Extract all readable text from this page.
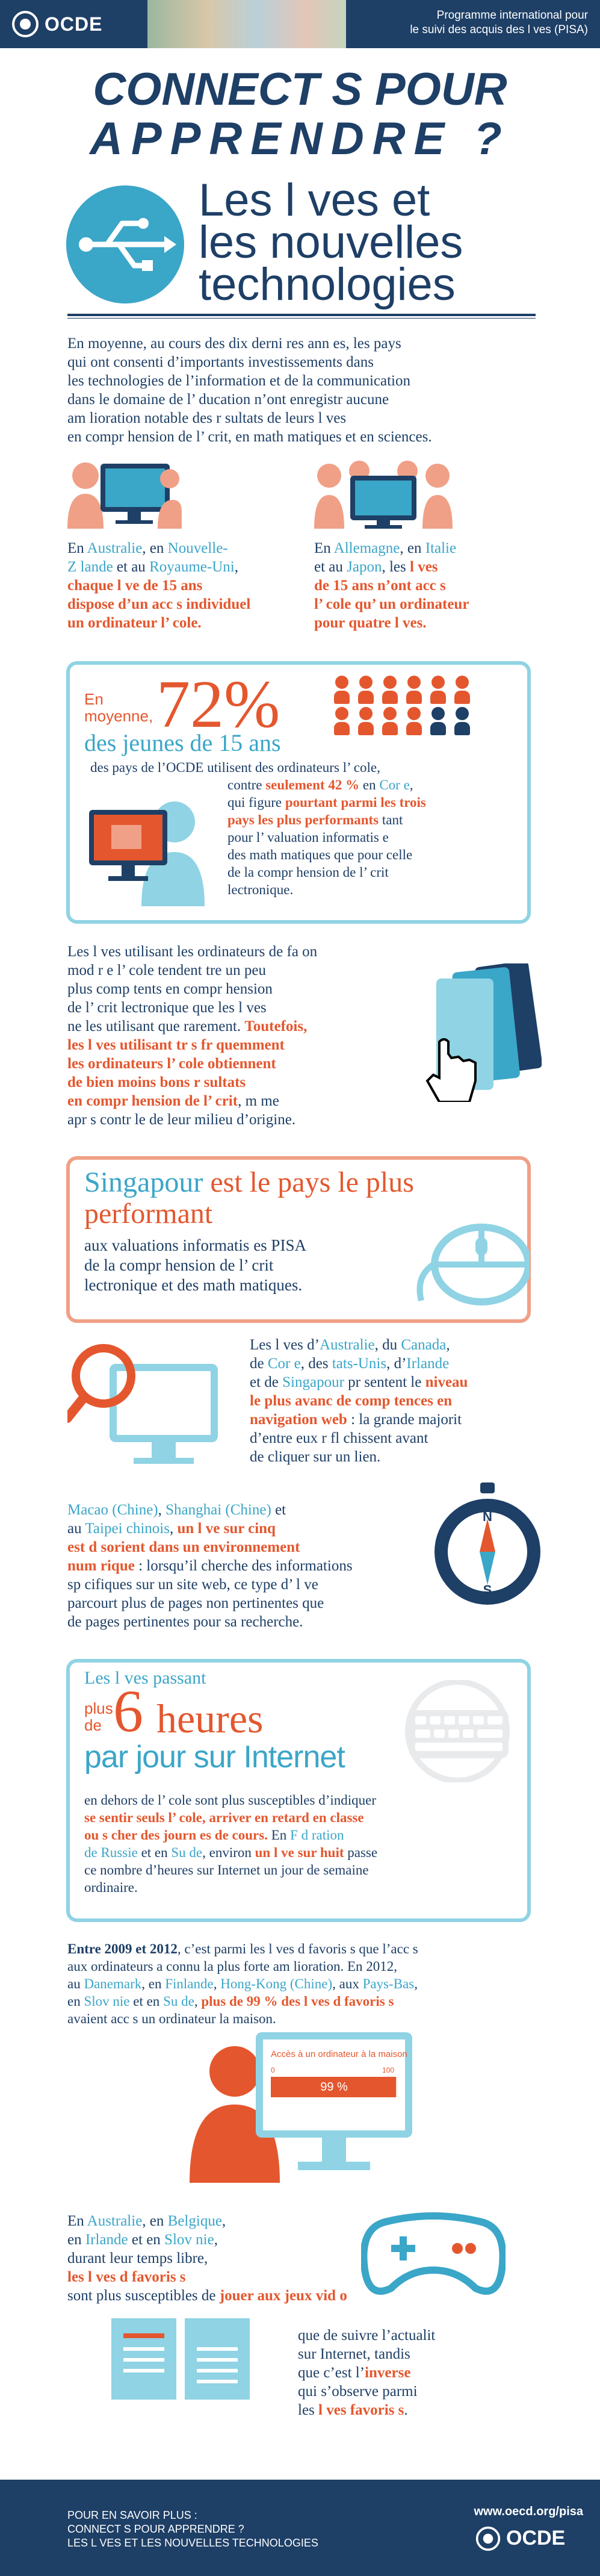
OCDE	Programme international pour
le suivi des acquis des l ves (PISA)
CONNECT S POUR
APPRENDRE ?
Les l ves et
les nouvelles
technologies
En moyenne, au cours des dix derni res ann es, les pays
qui ont consenti d’importants investissements dans
les technologies de l’information et de la communication
dans le domaine de l’ ducation n’ont enregistr aucune
am lioration notable des r sultats de leurs l ves
en compr hension de l’ crit, en math matiques et en sciences.
En Australie, en Nouvelle-
Z lande et au Royaume-Uni,
chaque l ve de 15 ans
dispose d’un acc s individuel
un ordinateur l’ cole.
En Allemagne, en Italie
et au Japon, les l ves
de 15 ans n’ont acc s
l’ cole qu’ un ordinateur
pour quatre l ves.
En
moyenne, 72%
des jeunes de 15 ans
des pays de l’OCDE utilisent des ordinateurs l’ cole,
contre seulement 42 % en Cor e,
qui figure pourtant parmi les trois
pays les plus performants tant
pour l’ valuation informatis e
des math matiques que pour celle
de la compr hension de l’ crit
lectronique.
Les l ves utilisant les ordinateurs de fa on
mod r e l’ cole tendent tre un peu
plus comp tents en compr hension
de l’ crit lectronique que les l ves
ne les utilisant que rarement. Toutefois,
les l ves utilisant tr s fr quemment
les ordinateurs l’ cole obtiennent
de bien moins bons r sultats
en compr hension de l’ crit, m me
apr s contr le de leur milieu d’origine.
Singapour est le pays le plus
performant
aux valuations informatis es PISA
de la compr hension de l’ crit
lectronique et des math matiques.
Les l ves d’Australie, du Canada,
de Cor e, des tats-Unis, d’Irlande
et de Singapour pr sentent le niveau
le plus avanc de comp tences en
navigation web : la grande majorit
d’entre eux r fl chissent avant
de cliquer sur un lien.
Macao (Chine), Shanghai (Chine) et
au Taipei chinois, un l ve sur cinq
est d sorient dans un environnement
num rique : lorsqu’il cherche des informations
sp cifiques sur un site web, ce type d’ l ve
parcourt plus de pages non pertinentes que
de pages pertinentes pour sa recherche.
N
S
Les l ves passant
plus
de 6 heures
par jour sur Internet
en dehors de l’ cole sont plus susceptibles d’indiquer
se sentir seuls l’ cole, arriver en retard en classe
ou s cher des journ es de cours. En F d ration
de Russie et en Su de, environ un l ve sur huit passe
ce nombre d’heures sur Internet un jour de semaine
ordinaire.
Entre 2009 et 2012, c’est parmi les l ves d favoris s que l’acc s
aux ordinateurs a connu la plus forte am lioration. En 2012,
au Danemark, en Finlande, Hong-Kong (Chine), aux Pays-Bas,
en Slov nie et en Su de, plus de 99 % des l ves d favoris s
avaient acc s un ordinateur la maison.
Accès à un ordinateur à la maison
0	100
99 %
En Australie, en Belgique,
en Irlande et en Slov nie,
durant leur temps libre,
les l ves d favoris s
sont plus susceptibles de jouer aux jeux vid o
que de suivre l’actualit
sur Internet, tandis
que c’est l’inverse
qui s’observe parmi
les l ves favoris s.
POUR EN SAVOIR PLUS :
CONNECT S POUR APPRENDRE ?
LES L VES ET LES NOUVELLES TECHNOLOGIES
www.oecd.org/pisa
OCDE
